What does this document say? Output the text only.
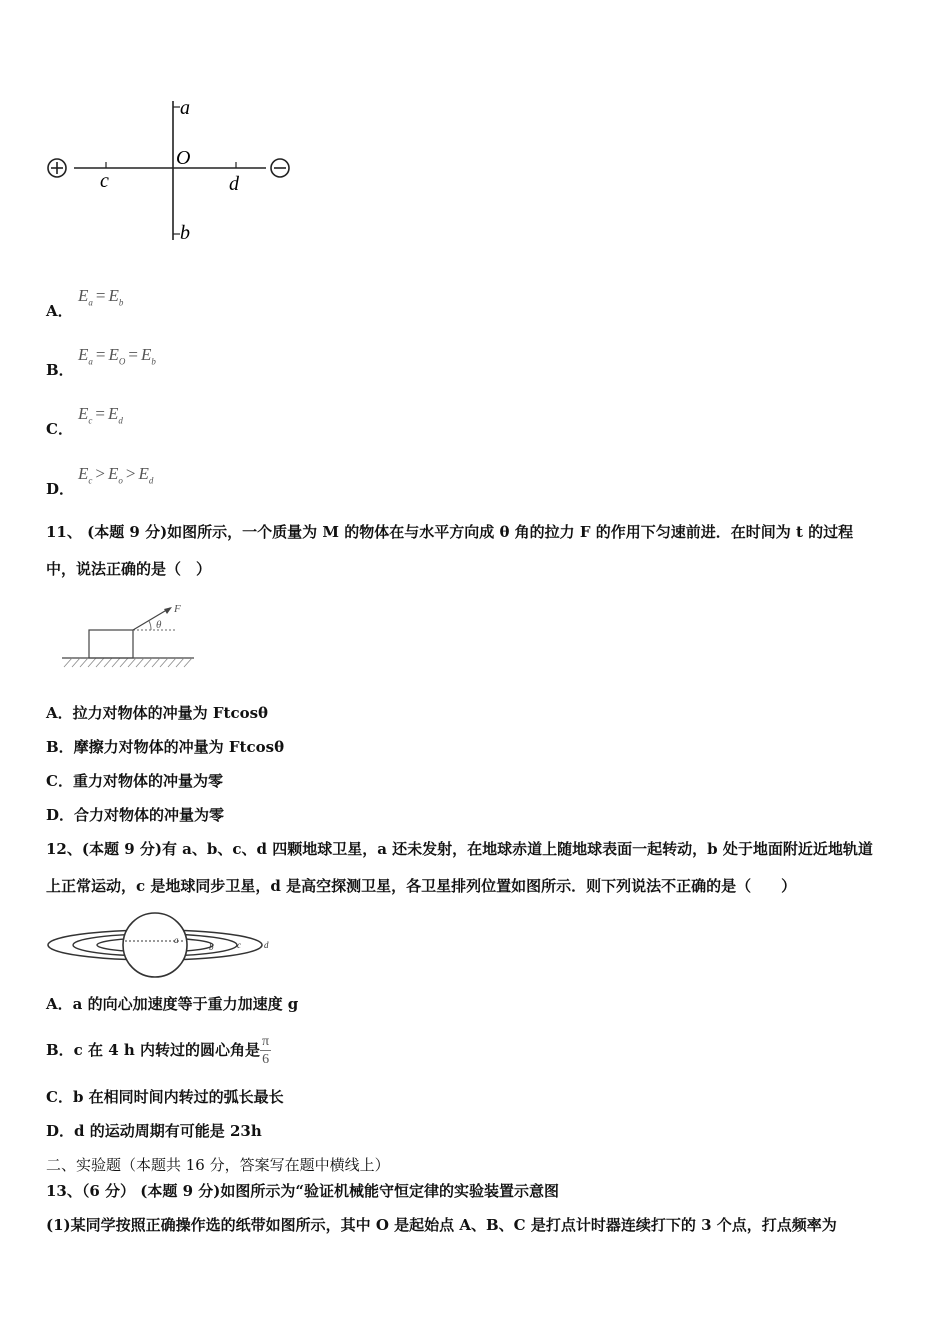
a
O
c	d
b
A．
$E_a = E_b$
B．
$E_a = E_O = E_b$
C．
$E_c = E_d$
D．
$E_c > E_o > E_d$
11、 (本题 9 分)如图所示，一个质量为 M 的物体在与水平方向成 θ 角的拉力 F 的作用下匀速前进．在时间为 t 的过程
中，说法正确的是（　）
F
θ
A．拉力对物体的冲量为 Ftcosθ
B．摩擦力对物体的冲量为 Ftcosθ
C．重力对物体的冲量为零
D．合力对物体的冲量为零
12、(本题 9 分)有 a、b、c、d 四颗地球卫星，a 还未发射，在地球赤道上随地球表面一起转动，b 处于地面附近近地轨道
上正常运动，c 是地球同步卫星，d 是高空探测卫星，各卫星排列位置如图所示．则下列说法不正确的是（　　）
a
b	c	d
A．a 的向心加速度等于重力加速度 g
B．c 在 4 h 内转过的圆心角是 $\frac{\pi}{6}$
C．b 在相同时间内转过的弧长最长
D．d 的运动周期有可能是 23h
二、实验题（本题共 16 分，答案写在题中横线上）
13、（6 分） (本题 9 分)如图所示为“验证机械能守恒定律的实验装置示意图
(1)某同学按照正确操作选的纸带如图所示，其中 O 是起始点 A、B、C 是打点计时器连续打下的 3 个点，打点频率为
